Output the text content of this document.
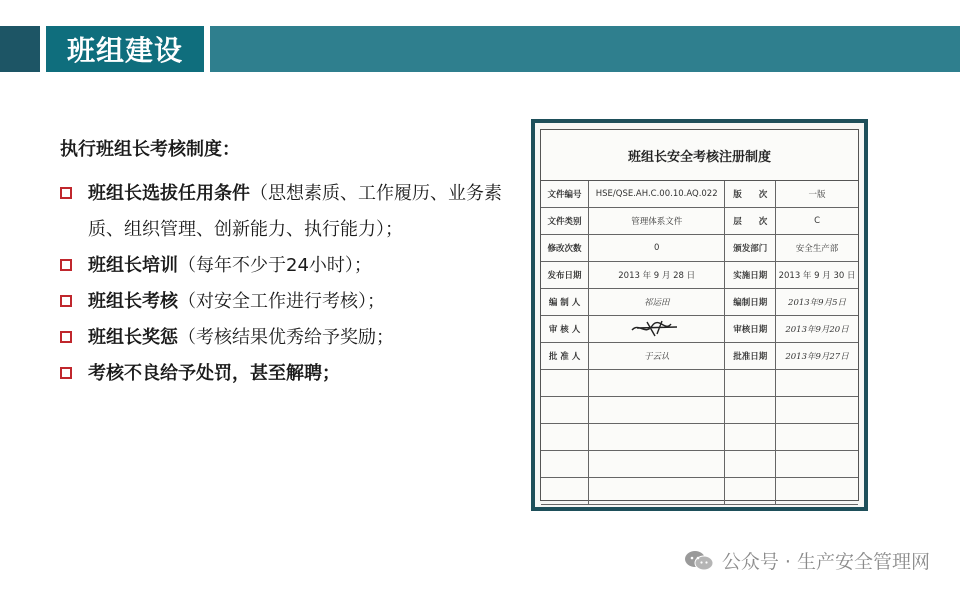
班组建设
执行班组长考核制度：
班组长选拔任用条件（思想素质、工作履历、业务素质、组织管理、创新能力、执行能力）；
班组长培训（每年不少于24小时）；
班组长考核（对安全工作进行考核）；
班组长奖惩（考核结果优秀给予奖励；
考核不良给予处罚，甚至解聘；
班组长安全考核注册制度
文件编号	HSE/QSE.AH.C.00.10.AQ.022	版　　次	一版
文件类别	管理体系文件	层　　次	C
修改次数	0	颁发部门	安全生产部
发布日期	2013 年 9 月 28 日	实施日期	2013 年 9 月 30 日
编 制 人	祁运田	编制日期	2013年9月5日
审 核 人		审核日期	2013年9月20日
批 准 人	于云认	批准日期	2013年9月27日

公众号 · 生产安全管理网
